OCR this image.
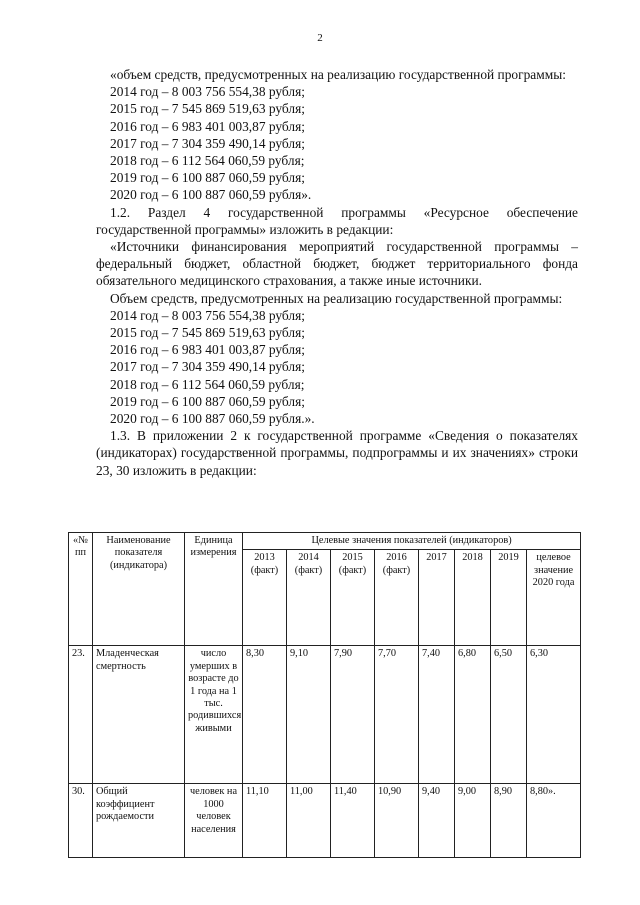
2

«объем средств, предусмотренных на реализацию государственной программы:

2014 год – 8 003 756 554,38 рубля;
2015 год – 7 545 869 519,63 рубля;
2016 год – 6 983 401 003,87 рубля;
2017 год – 7 304 359 490,14 рубля;
2018 год – 6 112 564 060,59 рубля;
2019 год – 6 100 887 060,59 рубля;
2020 год – 6 100 887 060,59 рубля».

1.2. Раздел 4 государственной программы «Ресурсное обеспечение государственной программы» изложить в редакции:

«Источники финансирования мероприятий государственной программы – федеральный бюджет, областной бюджет, бюджет территориального фонда обязательного медицинского страхования, а также иные источники.

Объем средств, предусмотренных на реализацию государственной программы:

2014 год – 8 003 756 554,38 рубля;
2015 год – 7 545 869 519,63 рубля;
2016 год – 6 983 401 003,87 рубля;
2017 год – 7 304 359 490,14 рубля;
2018 год – 6 112 564 060,59 рубля;
2019 год – 6 100 887 060,59 рубля;
2020 год – 6 100 887 060,59 рубля.».

1.3. В приложении 2 к государственной программе «Сведения о показателях (индикаторах) государственной программы, подпрограммы и их значениях» строки 23, 30 изложить в редакции:

«№ пп	Наименование показателя (индикатора)	Единица измерения	Целевые значения показателей (индикаторов)							
			2013 (факт)	2014 (факт)	2015 (факт)	2016 (факт)	2017	2018	2019	целевое значение 2020 года
23.	Младенческая смертность	число умерших в возрасте до 1 года на 1 тыс. родившихся живыми	8,30	9,10	7,90	7,70	7,40	6,80	6,50	6,30
30.	Общий коэффициент рождаемости	человек на 1000 человек населения	11,10	11,00	11,40	10,90	9,40	9,00	8,90	8,80».
